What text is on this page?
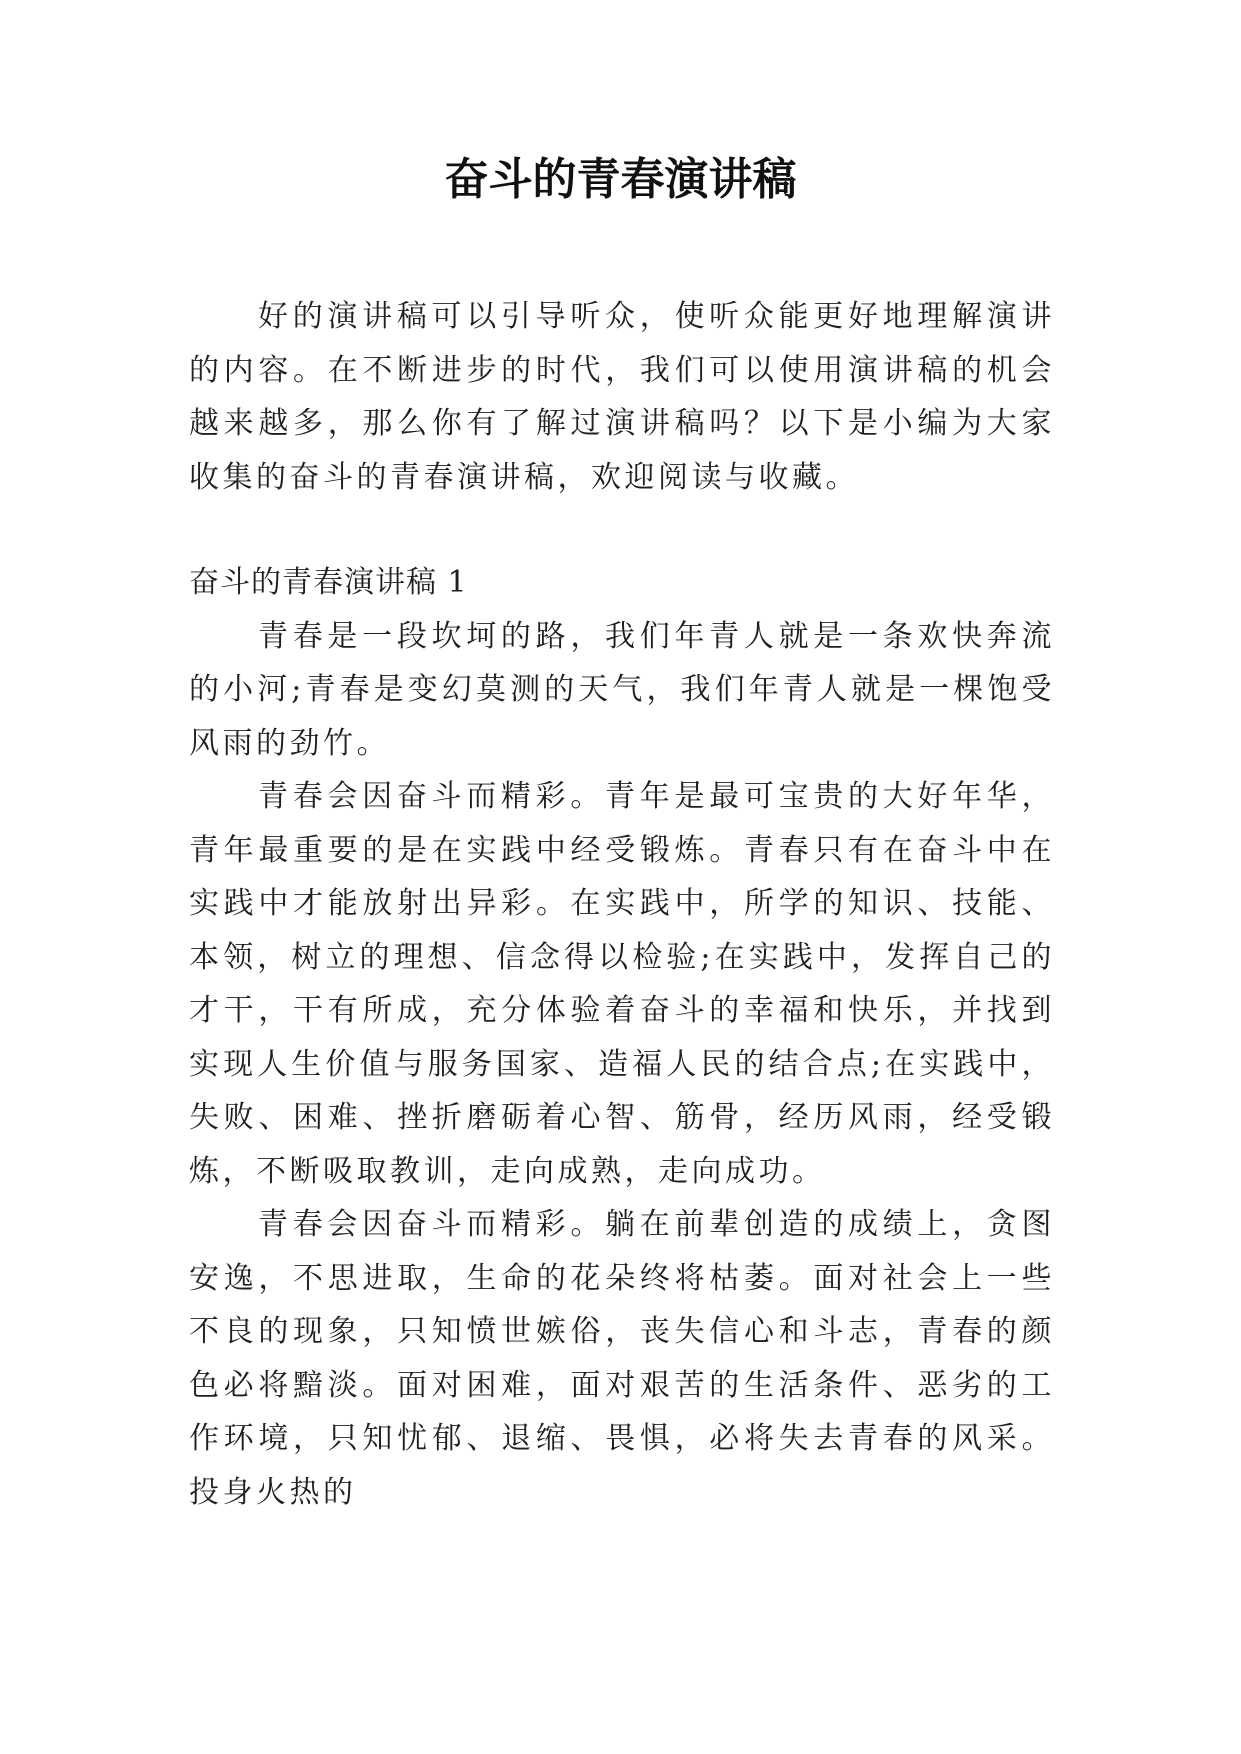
奋斗的青春演讲稿

好的演讲稿可以引导听众，使听众能更好地理解演讲的内容。在不断进步的时代，我们可以使用演讲稿的机会越来越多，那么你有了解过演讲稿吗？以下是小编为大家收集的奋斗的青春演讲稿，欢迎阅读与收藏。

奋斗的青春演讲稿 1

青春是一段坎坷的路，我们年青人就是一条欢快奔流的小河;青春是变幻莫测的天气，我们年青人就是一棵饱受风雨的劲竹。

青春会因奋斗而精彩。青年是最可宝贵的大好年华，青年最重要的是在实践中经受锻炼。青春只有在奋斗中在实践中才能放射出异彩。在实践中，所学的知识、技能、本领，树立的理想、信念得以检验;在实践中，发挥自己的才干，干有所成，充分体验着奋斗的幸福和快乐，并找到实现人生价值与服务国家、造福人民的结合点;在实践中，失败、困难、挫折磨砺着心智、筋骨，经历风雨，经受锻炼，不断吸取教训，走向成熟，走向成功。

青春会因奋斗而精彩。躺在前辈创造的成绩上，贪图安逸，不思进取，生命的花朵终将枯萎。面对社会上一些不良的现象，只知愤世嫉俗，丧失信心和斗志，青春的颜色必将黯淡。面对困难，面对艰苦的生活条件、恶劣的工作环境，只知忧郁、退缩、畏惧，必将失去青春的风采。投身火热的
